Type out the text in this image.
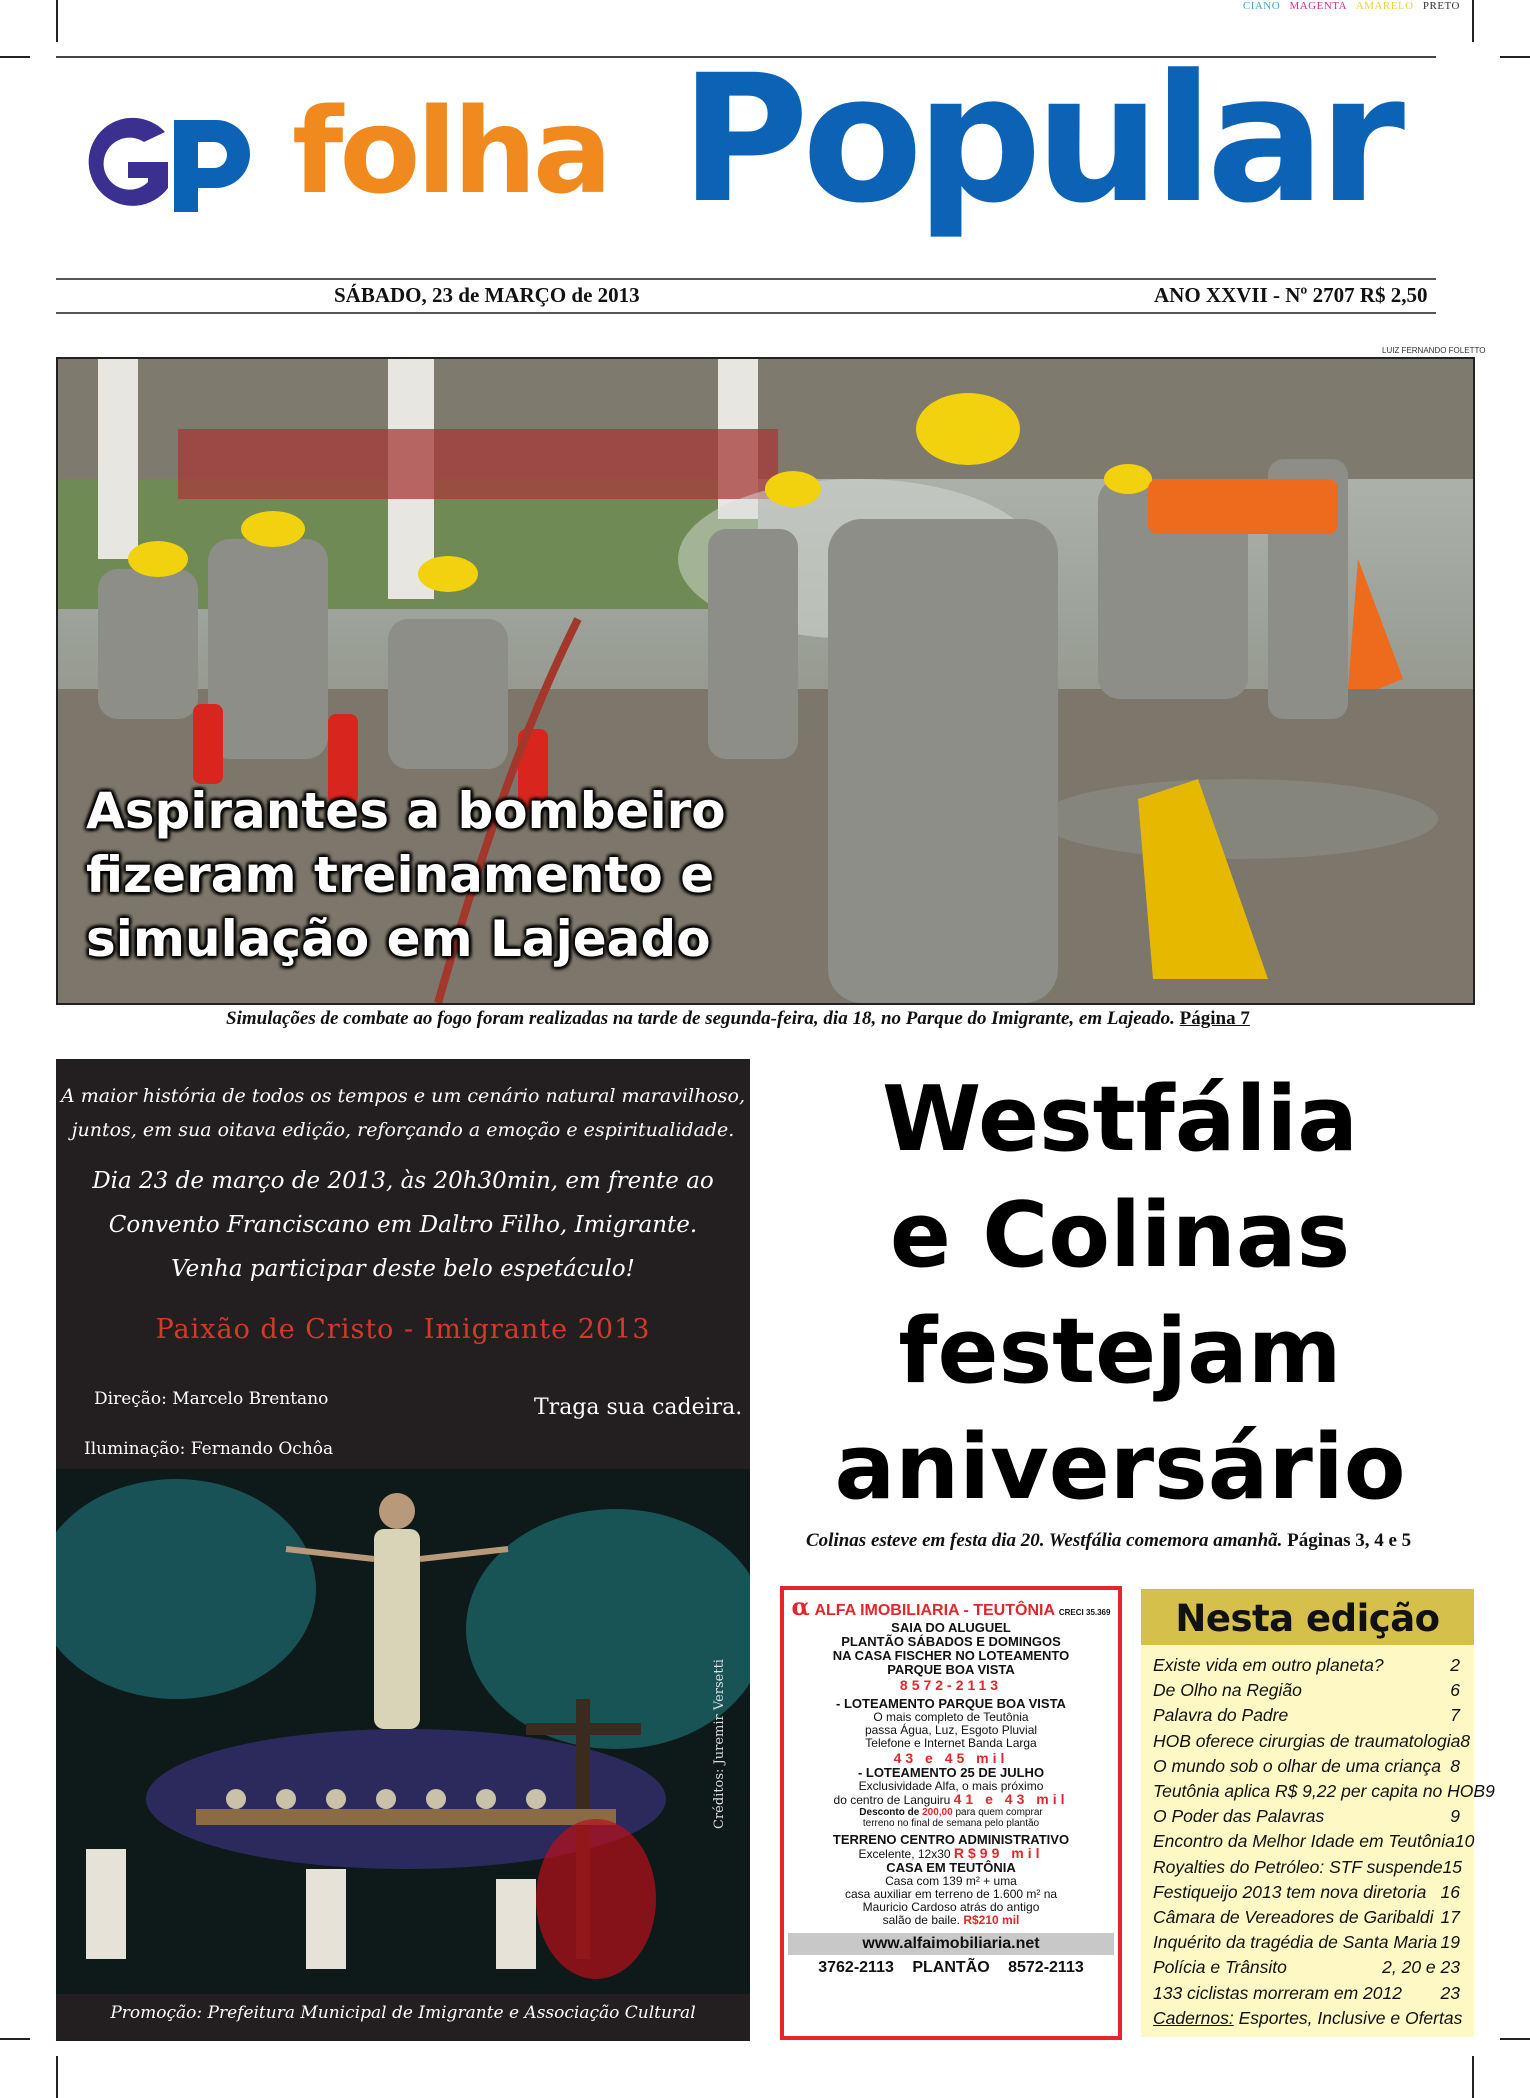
CIANO MAGENTA AMARELO PRETO
folha Popular
SÁBADO, 23 de MARÇO de 2013	ANO XXVII - Nº 2707 R$ 2,50
LUIZ FERNANDO FOLETTO
Aspirantes a bombeiro
fizeram treinamento e
simulação em Lajeado
Simulações de combate ao fogo foram realizadas na tarde de segunda-feira, dia 18, no Parque do Imigrante, em Lajeado. Página 7
A maior história de todos os tempos e um cenário natural maravilhoso,
juntos, em sua oitava edição, reforçando a emoção e espiritualidade.
Dia 23 de março de 2013, às 20h30min, em frente ao
Convento Franciscano em Daltro Filho, Imigrante.
Venha participar deste belo espetáculo!
Paixão de Cristo - Imigrante 2013
Direção: Marcelo Brentano	Traga sua cadeira.
Iluminação: Fernando Ochôa
Créditos: Juremir Versetti
Promoção: Prefeitura Municipal de Imigrante e Associação Cultural
Westfália
e Colinas
festejam
aniversário
Colinas esteve em festa dia 20. Westfália comemora amanhã. Páginas 3, 4 e 5
α ALFA IMOBILIARIA - TEUTÔNIA CRECI 35.369
SAIA DO ALUGUEL
PLANTÃO SÁBADOS E DOMINGOS
NA CASA FISCHER NO LOTEAMENTO
PARQUE BOA VISTA
8572-2113
- LOTEAMENTO PARQUE BOA VISTA
O mais completo de Teutônia
passa Água, Luz, Esgoto Pluvial
Telefone e Internet Banda Larga
43 e 45 mil
- LOTEAMENTO 25 DE JULHO
Exclusividade Alfa, o mais próximo
do centro de Languiru 41 e 43 mil
Desconto de 200,00 para quem comprar
terreno no final de semana pelo plantão
TERRENO CENTRO ADMINISTRATIVO
Excelente, 12x30 R$99 mil
CASA EM TEUTÔNIA
Casa com 139 m² + uma
casa auxiliar em terreno de 1.600 m² na
Mauricio Cardoso atrás do antigo
salão de baile. R$210 mil
www.alfaimobiliaria.net
3762-2113 PLANTÃO 8572-2113
Nesta edição
Existe vida em outro planeta?	2
De Olho na Região	6
Palavra do Padre	7
HOB oferece cirurgias de traumatologia 8
O mundo sob o olhar de uma criança 8
Teutônia aplica R$ 9,22 per capita no HOB 9
O Poder das Palavras	9
Encontro da Melhor Idade em Teutônia 10
Royalties do Petróleo: STF suspende 15
Festiqueijo 2013 tem nova diretoria 16
Câmara de Vereadores de Garibaldi 17
Inquérito da tragédia de Santa Maria 19
Polícia e Trânsito	2, 20 e 23
133 ciclistas morreram em 2012 23
Cadernos: Esportes, Inclusive e Ofertas
